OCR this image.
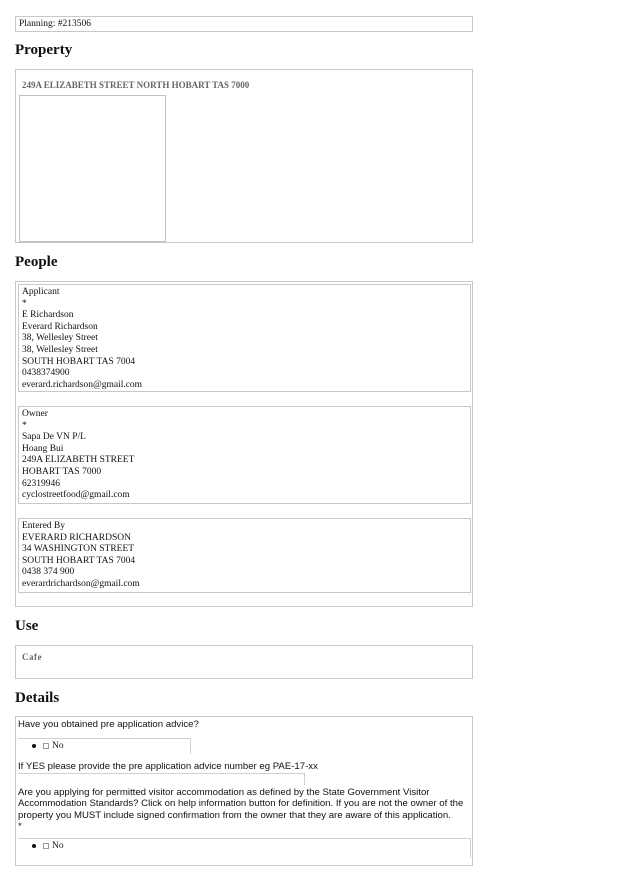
Planning: #213506
Property
249A ELIZABETH STREET NORTH HOBART TAS 7000
People
Applicant
*
E Richardson
Everard Richardson
38, Wellesley Street
38, Wellesley Street
SOUTH HOBART TAS 7004
0438374900
everard.richardson@gmail.com
Owner
*
Sapa De VN P/L
Hoang Bui
249A ELIZABETH STREET
HOBART TAS 7000
62319946
cyclostreetfood@gmail.com
Entered By
EVERARD RICHARDSON
34 WASHINGTON STREET
SOUTH HOBART TAS 7004
0438 374 900
everardrichardson@gmail.com
Use
Cafe
Details
Have you obtained pre application advice?
No
If YES please provide the pre application advice number eg PAE-17-xx
Are you applying for permitted visitor accommodation as defined by the State Government Visitor
Accommodation Standards? Click on help information button for definition. If you are not the owner of the
property you MUST include signed confirmation from the owner that they are aware of this application.
*
No
